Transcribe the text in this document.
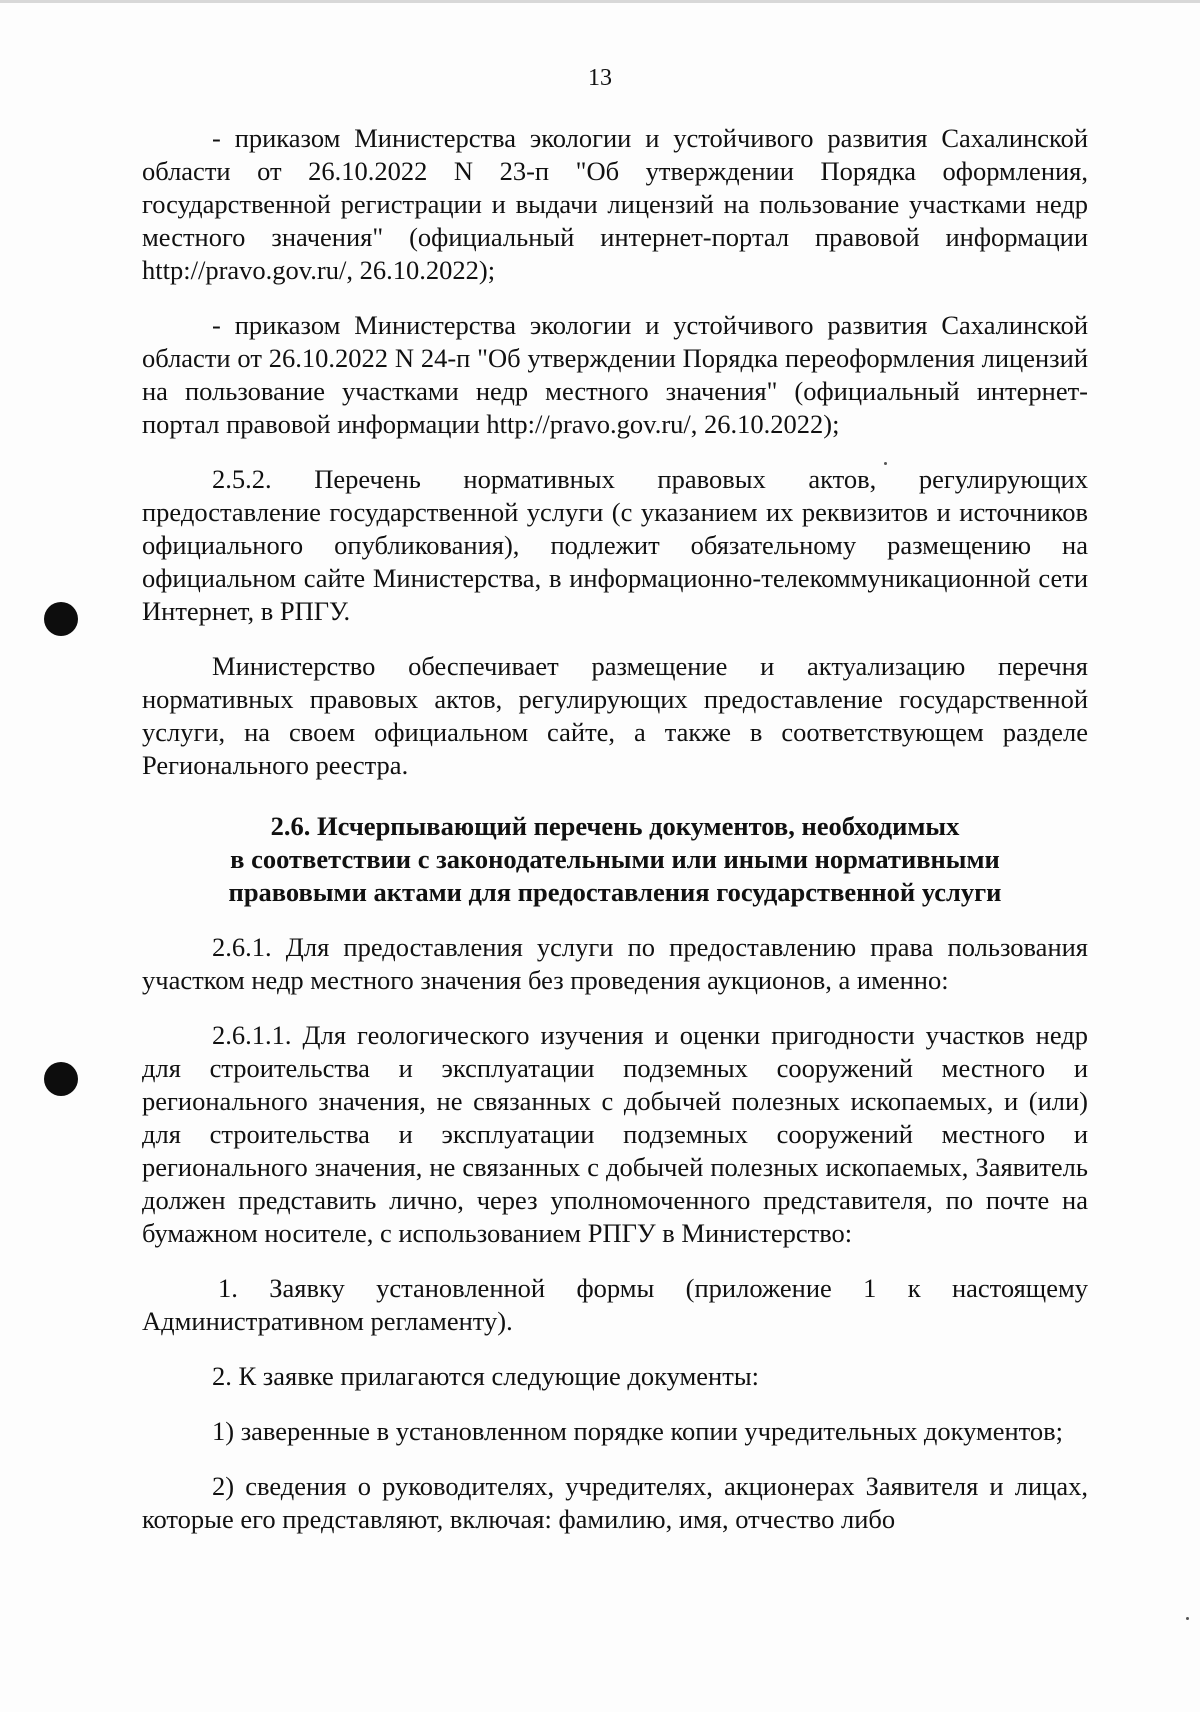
13

- приказом Министерства экологии и устойчивого развития Сахалинской области от 26.10.2022 N 23-п "Об утверждении Порядка оформления, государственной регистрации и выдачи лицензий на пользование участками недр местного значения" (официальный интернет-портал правовой информации http://pravo.gov.ru/, 26.10.2022);

- приказом Министерства экологии и устойчивого развития Сахалинской области от 26.10.2022 N 24-п "Об утверждении Порядка переоформления лицензий на пользование участками недр местного значения" (официальный интернет-портал правовой информации http://pravo.gov.ru/, 26.10.2022);

2.5.2. Перечень нормативных правовых актов, регулирующих предоставление государственной услуги (с указанием их реквизитов и источников официального опубликования), подлежит обязательному размещению на официальном сайте Министерства, в информационно-телекоммуникационной сети Интернет, в РПГУ.

Министерство обеспечивает размещение и актуализацию перечня нормативных правовых актов, регулирующих предоставление государственной услуги, на своем официальном сайте, а также в соответствующем разделе Регионального реестра.

2.6. Исчерпывающий перечень документов, необходимых
в соответствии с законодательными или иными нормативными
правовыми актами для предоставления государственной услуги

2.6.1. Для предоставления услуги по предоставлению права пользования участком недр местного значения без проведения аукционов, а именно:

2.6.1.1. Для геологического изучения и оценки пригодности участков недр для строительства и эксплуатации подземных сооружений местного и регионального значения, не связанных с добычей полезных ископаемых, и (или) для строительства и эксплуатации подземных сооружений местного и регионального значения, не связанных с добычей полезных ископаемых, Заявитель должен представить лично, через уполномоченного представителя, по почте на бумажном носителе, с использованием РПГУ в Министерство:

1. Заявку установленной формы (приложение 1 к настоящему Административном регламенту).

2. К заявке прилагаются следующие документы:

1) заверенные в установленном порядке копии учредительных документов;

2) сведения о руководителях, учредителях, акционерах Заявителя и лицах, которые его представляют, включая: фамилию, имя, отчество либо
